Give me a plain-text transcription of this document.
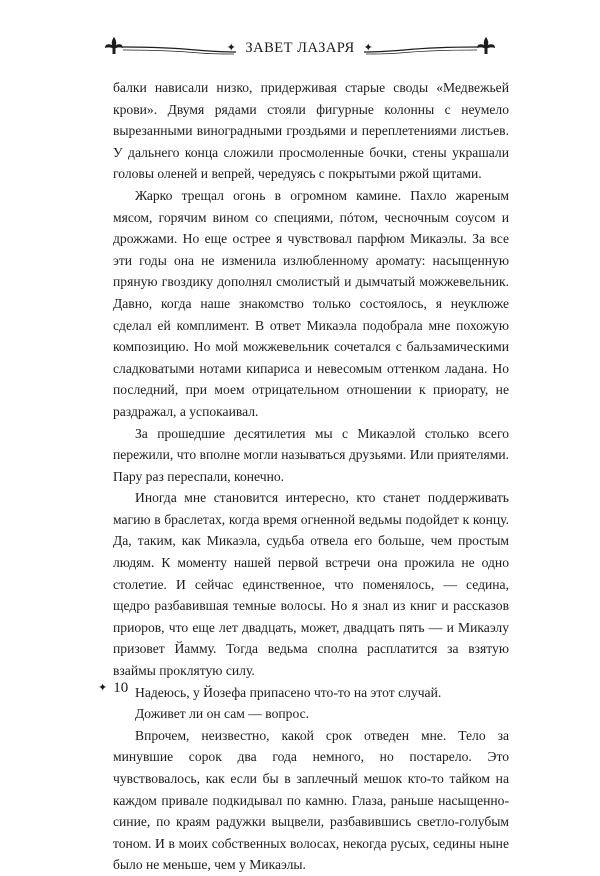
✦ ЗАВЕТ ЛАЗАРЯ ✦

балки нависали низко, придерживая старые своды «Медвежьей крови». Двумя рядами стояли фигурные колонны с неумело вырезанными виноградными гроздьями и переплетениями листьев. У дальнего конца сложили просмоленные бочки, стены украшали головы оленей и вепрей, чередуясь с покрытыми ржой щитами.

Жарко трещал огонь в огромном камине. Пахло жареным мясом, горячим вином со специями, пóтом, чесночным соусом и дрожжами. Но еще острее я чувствовал парфюм Микаэлы. За все эти годы она не изменила излюбленному аромату: насыщенную пряную гвоздику дополнял смолистый и дымчатый можжевельник. Давно, когда наше знакомство только состоялось, я неуклюже сделал ей комплимент. В ответ Микаэла подобрала мне похожую композицию. Но мой можжевельник сочетался с бальзамическими сладковатыми нотами кипариса и невесомым оттенком ладана. Но последний, при моем отрицательном отношении к приорату, не раздражал, а успокаивал.

За прошедшие десятилетия мы с Микаэлой столько всего пережили, что вполне могли называться друзьями. Или приятелями. Пару раз переспали, конечно.

Иногда мне становится интересно, кто станет поддерживать магию в браслетах, когда время огненной ведьмы подойдет к концу. Да, таким, как Микаэла, судьба отвела его больше, чем простым людям. К моменту нашей первой встречи она прожила не одно столетие. И сейчас единственное, что поменялось, — седина, щедро разбавившая темные волосы. Но я знал из книг и рассказов приоров, что еще лет двадцать, может, двадцать пять — и Микаэлу призовет Йамму. Тогда ведьма сполна расплатится за взятую взаймы проклятую силу.

Надеюсь, у Йозефа припасено что-то на этот случай.

Доживет ли он сам — вопрос.

Впрочем, неизвестно, какой срок отведен мне. Тело за минувшие сорок два года немного, но постарело. Это чувствовалось, как если бы в заплечный мешок кто-то тайком на каждом привале подкидывал по камню. Глаза, раньше насыщенно-синие, по краям радужки выцвели, разбавившись светло-голубым тоном. И в моих собственных волосах, некогда русых, седины ныне было не меньше, чем у Микаэлы.

✦ 10
